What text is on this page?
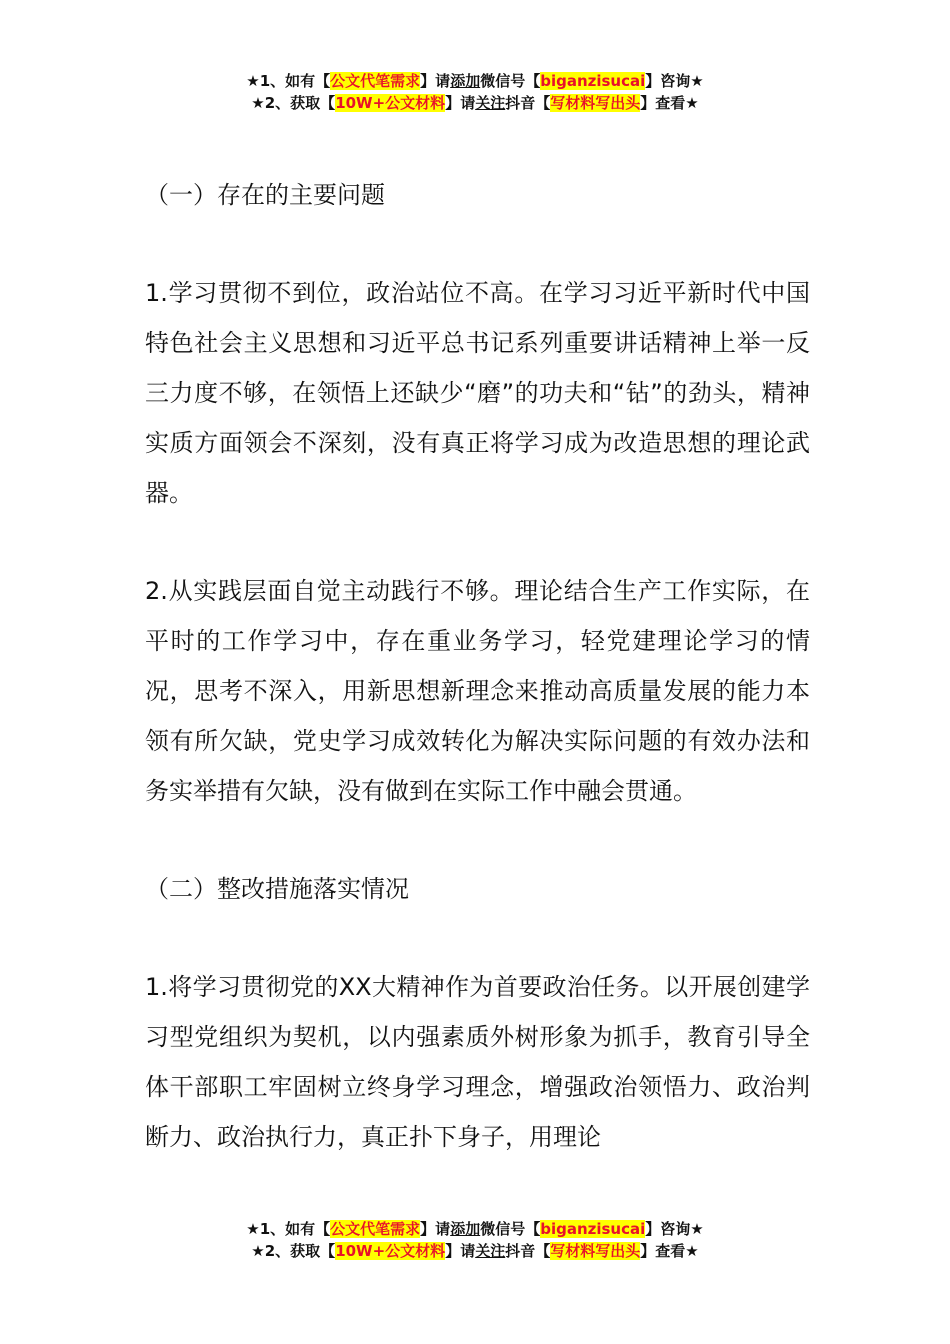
★1、如有【公文代笔需求】请添加微信号【biganzisucai】咨询★
★2、获取【10W+公文材料】请关注抖音【写材料写出头】查看★

（一）存在的主要问题

1.学习贯彻不到位，政治站位不高。在学习习近平新时代中国特色社会主义思想和习近平总书记系列重要讲话精神上举一反三力度不够，在领悟上还缺少“磨”的功夫和“钻”的劲头，精神实质方面领会不深刻，没有真正将学习成为改造思想的理论武器。

2.从实践层面自觉主动践行不够。理论结合生产工作实际，在平时的工作学习中，存在重业务学习，轻党建理论学习的情况，思考不深入，用新思想新理念来推动高质量发展的能力本领有所欠缺，党史学习成效转化为解决实际问题的有效办法和务实举措有欠缺，没有做到在实际工作中融会贯通。

（二）整改措施落实情况

1.将学习贯彻党的XX大精神作为首要政治任务。以开展创建学习型党组织为契机，以内强素质外树形象为抓手，教育引导全体干部职工牢固树立终身学习理念，增强政治领悟力、政治判断力、政治执行力，真正扑下身子，用理论

★1、如有【公文代笔需求】请添加微信号【biganzisucai】咨询★
★2、获取【10W+公文材料】请关注抖音【写材料写出头】查看★
